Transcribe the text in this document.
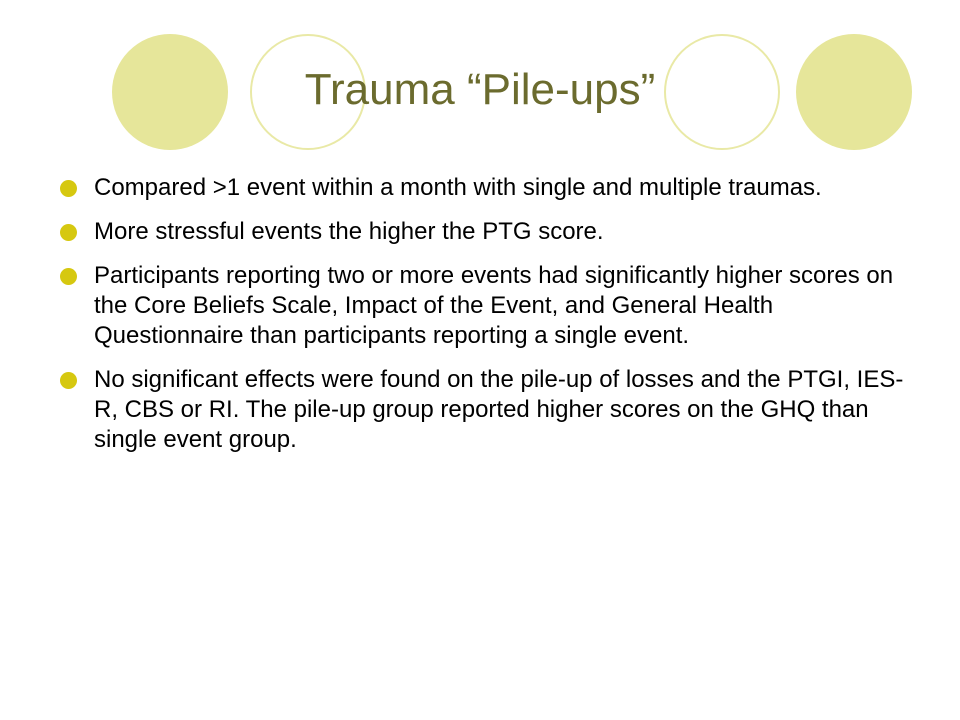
Trauma “Pile-ups”
Compared >1 event within a month with single and multiple traumas.
More stressful events the higher the PTG score.
Participants reporting two or more events had significantly higher scores on the Core Beliefs Scale, Impact of the Event, and General Health Questionnaire than participants reporting a single event.
No significant effects were found on the pile-up of losses and the PTGI, IES-R, CBS or RI. The pile-up group reported higher scores on the GHQ than single event group.
